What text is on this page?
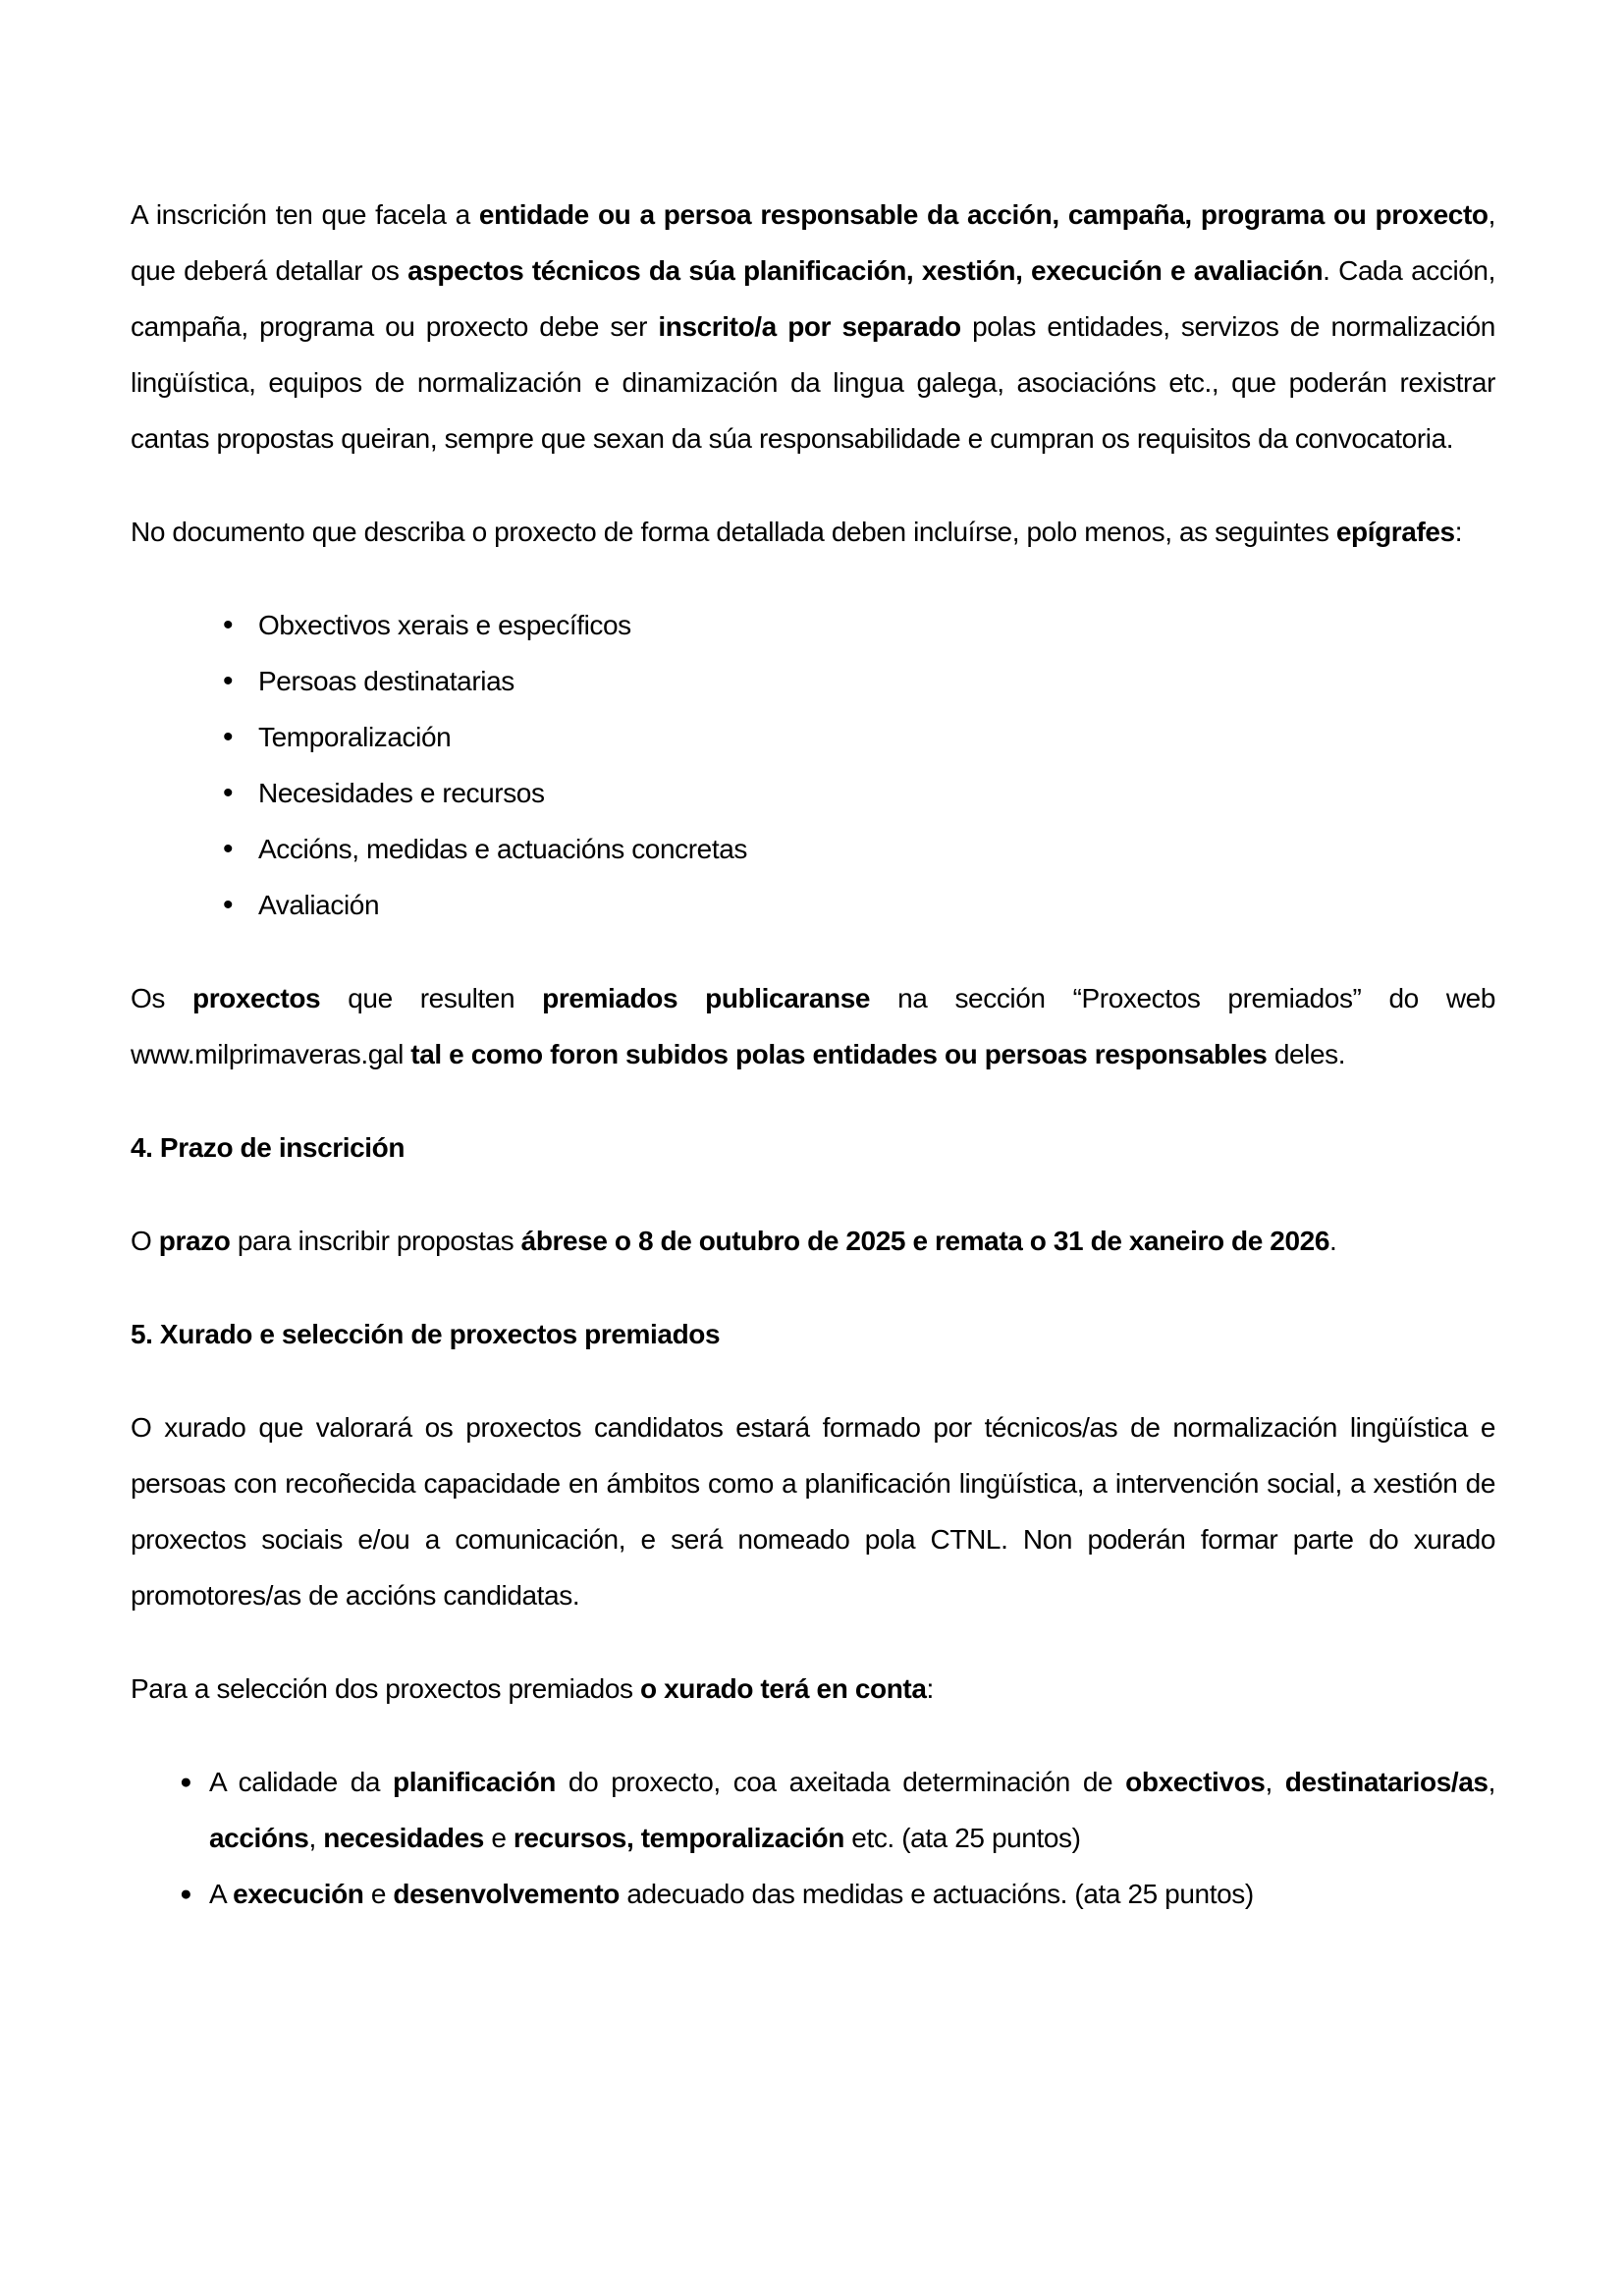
A inscrición ten que facela a entidade ou a persoa responsable da acción, campaña, programa ou proxecto, que deberá detallar os aspectos técnicos da súa planificación, xestión, execución e avaliación. Cada acción, campaña, programa ou proxecto debe ser inscrito/a por separado polas entidades, servizos de normalización lingüística, equipos de normalización e dinamización da lingua galega, asociacións etc., que poderán rexistrar cantas propostas queiran, sempre que sexan da súa responsabilidade e cumpran os requisitos da convocatoria.

No documento que describa o proxecto de forma detallada deben incluírse, polo menos, as seguintes epígrafes:

• Obxectivos xerais e específicos
• Persoas destinatarias
• Temporalización
• Necesidades e recursos
• Accións, medidas e actuacións concretas
• Avaliación

Os proxectos que resulten premiados publicaranse na sección “Proxectos premiados” do web www.milprimaveras.gal tal e como foron subidos polas entidades ou persoas responsables deles.

4. Prazo de inscrición

O prazo para inscribir propostas ábrese o 8 de outubro de 2025 e remata o 31 de xaneiro de 2026.

5. Xurado e selección de proxectos premiados

O xurado que valorará os proxectos candidatos estará formado por técnicos/as de normalización lingüística e persoas con recoñecida capacidade en ámbitos como a planificación lingüística, a intervención social, a xestión de proxectos sociais e/ou a comunicación, e será nomeado pola CTNL. Non poderán formar parte do xurado promotores/as de accións candidatas.

Para a selección dos proxectos premiados o xurado terá en conta:

● A calidade da planificación do proxecto, coa axeitada determinación de obxectivos, destinatarios/as, accións, necesidades e recursos, temporalización etc. (ata 25 puntos)
● A execución e desenvolvemento adecuado das medidas e actuacións. (ata 25 puntos)
